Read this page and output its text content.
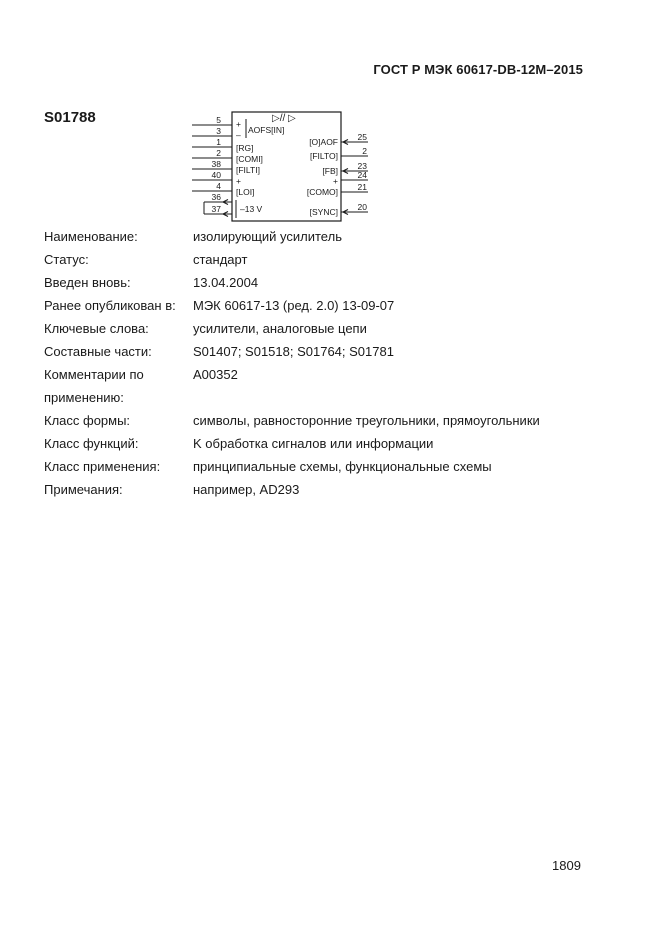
ГОСТ Р МЭК 60617-DB-12M–2015
S01788	▷// ▷
5
3
1
2
38
40
4
36
37
+
– AOFS[IN]
[RG]
[COMI]
[FILTI]
+
[LOI]
–13 V
25
2
23
24
21
20
[O]AOF
[FILTO]
[FB]
+
[COMO]
[SYNC]
Наименование:	изолирующий усилитель
Статус:	стандарт
Введен вновь:	13.04.2004
Ранее опубликован в: МЭК 60617-13 (ред. 2.0) 13-09-07
Ключевые слова:	усилители, аналоговые цепи
Составные части:	S01407; S01518; S01764; S01781
Комментарии по	A00352
применению:
Класс формы:	символы, равносторонние треугольники, прямоугольники
Класс функций:	K обработка сигналов или информации
Класс применения:	принципиальные схемы, функциональные схемы
Примечания:	например, AD293
1809
